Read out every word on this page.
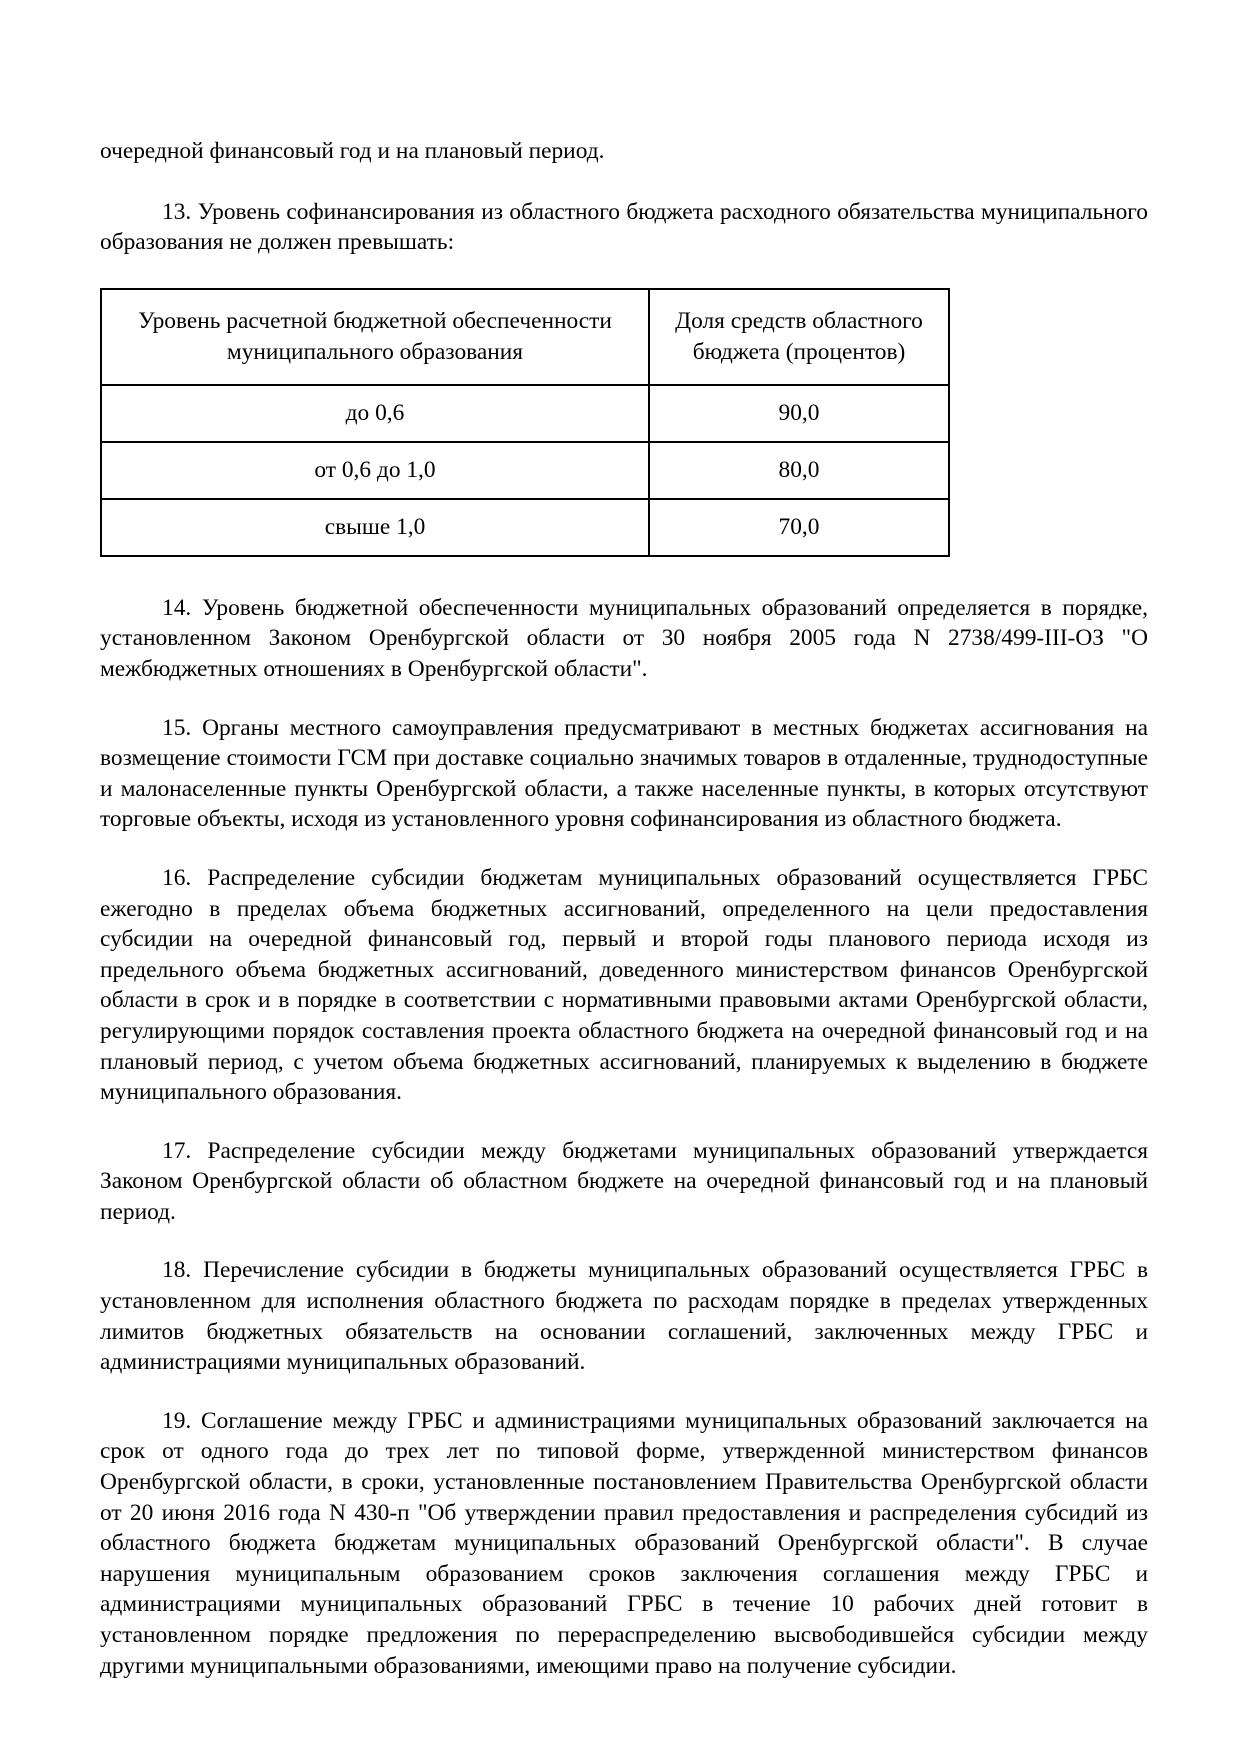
очередной финансовый год и на плановый период.

13. Уровень софинансирования из областного бюджета расходного обязательства муниципального образования не должен превышать:

Уровень расчетной бюджетной обеспеченности муниципального образования	Доля средств областного бюджета (процентов)
до 0,6	90,0
от 0,6 до 1,0	80,0
свыше 1,0	70,0

14. Уровень бюджетной обеспеченности муниципальных образований определяется в порядке, установленном Законом Оренбургской области от 30 ноября 2005 года N 2738/499-III-ОЗ "О межбюджетных отношениях в Оренбургской области".

15. Органы местного самоуправления предусматривают в местных бюджетах ассигнования на возмещение стоимости ГСМ при доставке социально значимых товаров в отдаленные, труднодоступные и малонаселенные пункты Оренбургской области, а также населенные пункты, в которых отсутствуют торговые объекты, исходя из установленного уровня софинансирования из областного бюджета.

16. Распределение субсидии бюджетам муниципальных образований осуществляется ГРБС ежегодно в пределах объема бюджетных ассигнований, определенного на цели предоставления субсидии на очередной финансовый год, первый и второй годы планового периода исходя из предельного объема бюджетных ассигнований, доведенного министерством финансов Оренбургской области в срок и в порядке в соответствии с нормативными правовыми актами Оренбургской области, регулирующими порядок составления проекта областного бюджета на очередной финансовый год и на плановый период, с учетом объема бюджетных ассигнований, планируемых к выделению в бюджете муниципального образования.

17. Распределение субсидии между бюджетами муниципальных образований утверждается Законом Оренбургской области об областном бюджете на очередной финансовый год и на плановый период.

18. Перечисление субсидии в бюджеты муниципальных образований осуществляется ГРБС в установленном для исполнения областного бюджета по расходам порядке в пределах утвержденных лимитов бюджетных обязательств на основании соглашений, заключенных между ГРБС и администрациями муниципальных образований.

19. Соглашение между ГРБС и администрациями муниципальных образований заключается на срок от одного года до трех лет по типовой форме, утвержденной министерством финансов Оренбургской области, в сроки, установленные постановлением Правительства Оренбургской области от 20 июня 2016 года N 430-п "Об утверждении правил предоставления и распределения субсидий из областного бюджета бюджетам муниципальных образований Оренбургской области". В случае нарушения муниципальным образованием сроков заключения соглашения между ГРБС и администрациями муниципальных образований ГРБС в течение 10 рабочих дней готовит в установленном порядке предложения по перераспределению высвободившейся субсидии между другими муниципальными образованиями, имеющими право на получение субсидии.
